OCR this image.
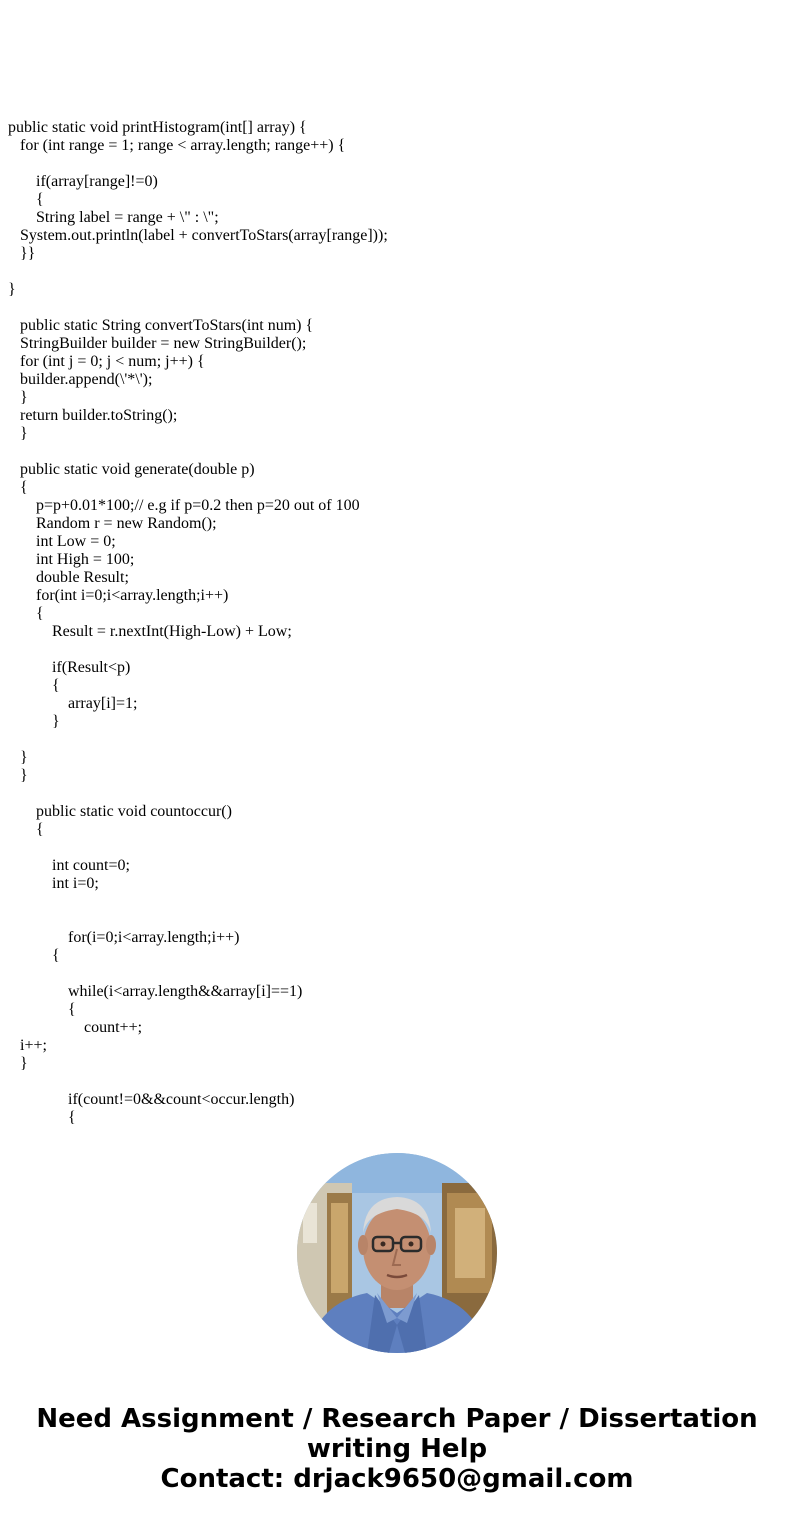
public static void printHistogram(int[] array) {
for (int range = 1; range < array.length; range++) {
if(array[range]!=0)
{
String label = range + \" : \";
System.out.println(label + convertToStars(array[range]));
}}
}
public static String convertToStars(int num) {
StringBuilder builder = new StringBuilder();
for (int j = 0; j < num; j++) {
builder.append(\'*\');
}
return builder.toString();
}
public static void generate(double p)
{
p=p+0.01*100;// e.g if p=0.2 then p=20 out of 100
Random r = new Random();
int Low = 0;
int High = 100;
double Result;
for(int i=0;i<array.length;i++)
{
Result = r.nextInt(High-Low) + Low;
if(Result<p)
{
array[i]=1;
}
}
}
public static void countoccur()
{
int count=0;
int i=0;
for(i=0;i<array.length;i++)
{
while(i<array.length&&array[i]==1)
{
count++;
i++;
}
if(count!=0&&count<occur.length)
{
Need Assignment / Research Paper / Dissertation
writing Help
Contact: drjack9650@gmail.com
